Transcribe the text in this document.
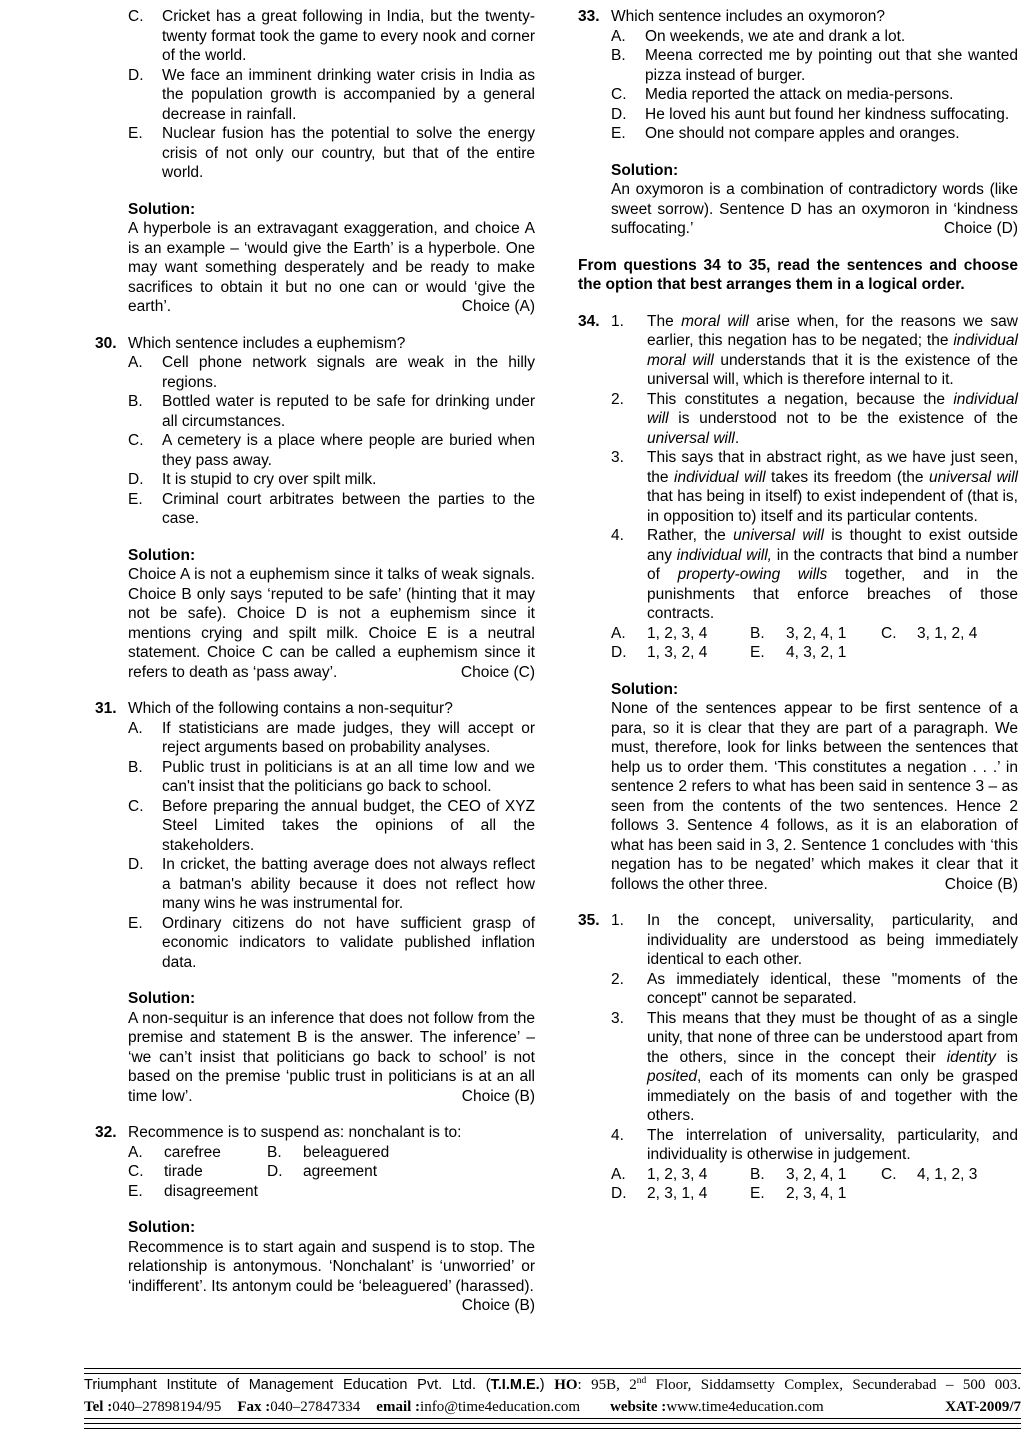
C. Cricket has a great following in India, but the twenty-twenty format took the game to every nook and corner of the world.
D. We face an imminent drinking water crisis in India as the population growth is accompanied by a general decrease in rainfall.
E. Nuclear fusion has the potential to solve the energy crisis of not only our country, but that of the entire world.
Solution:
A hyperbole is an extravagant exaggeration, and choice A is an example – ‘would give the Earth’ is a hyperbole. One may want something desperately and be ready to make sacrifices to obtain it but no one can or would ‘give the earth’.	Choice (A)
30. Which sentence includes a euphemism?
A. Cell phone network signals are weak in the hilly regions.
B. Bottled water is reputed to be safe for drinking under all circumstances.
C. A cemetery is a place where people are buried when they pass away.
D. It is stupid to cry over spilt milk.
E. Criminal court arbitrates between the parties to the case.
Solution:
Choice A is not a euphemism since it talks of weak signals. Choice B only says ‘reputed to be safe’ (hinting that it may not be safe). Choice D is not a euphemism since it mentions crying and spilt milk. Choice E is a neutral statement. Choice C can be called a euphemism since it refers to death as ‘pass away’.	Choice (C)
31. Which of the following contains a non-sequitur?
A. If statisticians are made judges, they will accept or reject arguments based on probability analyses.
B. Public trust in politicians is at an all time low and we can't insist that the politicians go back to school.
C. Before preparing the annual budget, the CEO of XYZ Steel Limited takes the opinions of all the stakeholders.
D. In cricket, the batting average does not always reflect a batman's ability because it does not reflect how many wins he was instrumental for.
E. Ordinary citizens do not have sufficient grasp of economic indicators to validate published inflation data.
Solution:
A non-sequitur is an inference that does not follow from the premise and statement B is the answer. The inference’ – ‘we can’t insist that politicians go back to school’ is not based on the premise ‘public trust in politicians is at an all time low’.	Choice (B)
32. Recommence is to suspend as: nonchalant is to:
A.	carefree	B.	beleaguered
C.	tirade	D.	agreement
E.	disagreement
Solution:
Recommence is to start again and suspend is to stop. The relationship is antonymous. ‘Nonchalant’ is ‘unworried’ or ‘indifferent’. Its antonym could be ‘beleaguered’ (harassed).
Choice (B)
33. Which sentence includes an oxymoron?
A. On weekends, we ate and drank a lot.
B. Meena corrected me by pointing out that she wanted pizza instead of burger.
C. Media reported the attack on media-persons.
D. He loved his aunt but found her kindness suffocating.
E. One should not compare apples and oranges.
Solution:
An oxymoron is a combination of contradictory words (like sweet sorrow). Sentence D has an oxymoron in ‘kindness suffocating.’	Choice (D)
From questions 34 to 35, read the sentences and choose the option that best arranges them in a logical order.
34. 1. The moral will arise when, for the reasons we saw earlier, this negation has to be negated; the individual moral will understands that it is the existence of the universal will, which is therefore internal to it.
2. This constitutes a negation, because the individual will is understood not to be the existence of the universal will.
3. This says that in abstract right, as we have just seen, the individual will takes its freedom (the universal will that has being in itself) to exist independent of (that is, in opposition to) itself and its particular contents.
4. Rather, the universal will is thought to exist outside any individual will, in the contracts that bind a number of property-owing wills together, and in the punishments that enforce breaches of those contracts.
A.	1, 2, 3, 4	B.	3, 2, 4, 1 C.	3, 1, 2, 4
D.	1, 3, 2, 4	E.	4, 3, 2, 1
Solution:
None of the sentences appear to be first sentence of a para, so it is clear that they are part of a paragraph. We must, therefore, look for links between the sentences that help us to order them. ‘This constitutes a negation . . .’ in sentence 2 refers to what has been said in sentence 3 – as seen from the contents of the two sentences. Hence 2 follows 3. Sentence 4 follows, as it is an elaboration of what has been said in 3, 2. Sentence 1 concludes with ‘this negation has to be negated’ which makes it clear that it follows the other three.	Choice (B)
35. 1. In the concept, universality, particularity, and individuality are understood as being immediately identical to each other.
2. As immediately identical, these "moments of the concept" cannot be separated.
3. This means that they must be thought of as a single unity, that none of three can be understood apart from the others, since in the concept their identity is posited, each of its moments can only be grasped immediately on the basis of and together with the others.
4. The interrelation of universality, particularity, and individuality is otherwise in judgement.
A.	1, 2, 3, 4	B.	3, 2, 4, 1 C.	4, 1, 2, 3
D.	2, 3, 1, 4	E.	2, 3, 4, 1
Triumphant Institute of Management Education Pvt. Ltd. (T.I.M.E.) HO: 95B, 2nd Floor, Siddamsetty Complex, Secunderabad – 500 003.
Tel : 040–27898194/95 Fax : 040–27847334 email : info@time4education.com website : www.time4education.com	XAT-2009/7
